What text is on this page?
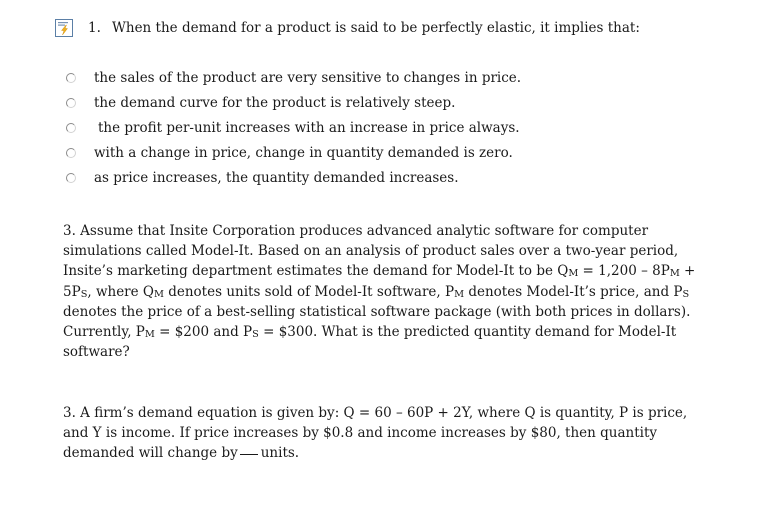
1. When the demand for a product is said to be perfectly elastic, it implies that:
the sales of the product are very sensitive to changes in price.
the demand curve for the product is relatively steep.
the profit per-unit increases with an increase in price always.
with a change in price, change in quantity demanded is zero.
as price increases, the quantity demanded increases.

3. Assume that Insite Corporation produces advanced analytic software for computer simulations called Model-It. Based on an analysis of product sales over a two-year period, Insite’s marketing department estimates the demand for Model-It to be $Q_M = 1,200 - 8P_M + 5P_S$, where $Q_M$ denotes units sold of Model-It software, $P_M$ denotes Model-It’s price, and $P_S$ denotes the price of a best-selling statistical software package (with both prices in dollars). Currently, $P_M$ = $200 and $P_S$ = $300. What is the predicted quantity demand for Model-It software?

3. A firm’s demand equation is given by: Q = 60 – 60P + 2Y, where Q is quantity, P is price, and Y is income. If price increases by $0.8 and income increases by $80, then quantity demanded will change by units.
